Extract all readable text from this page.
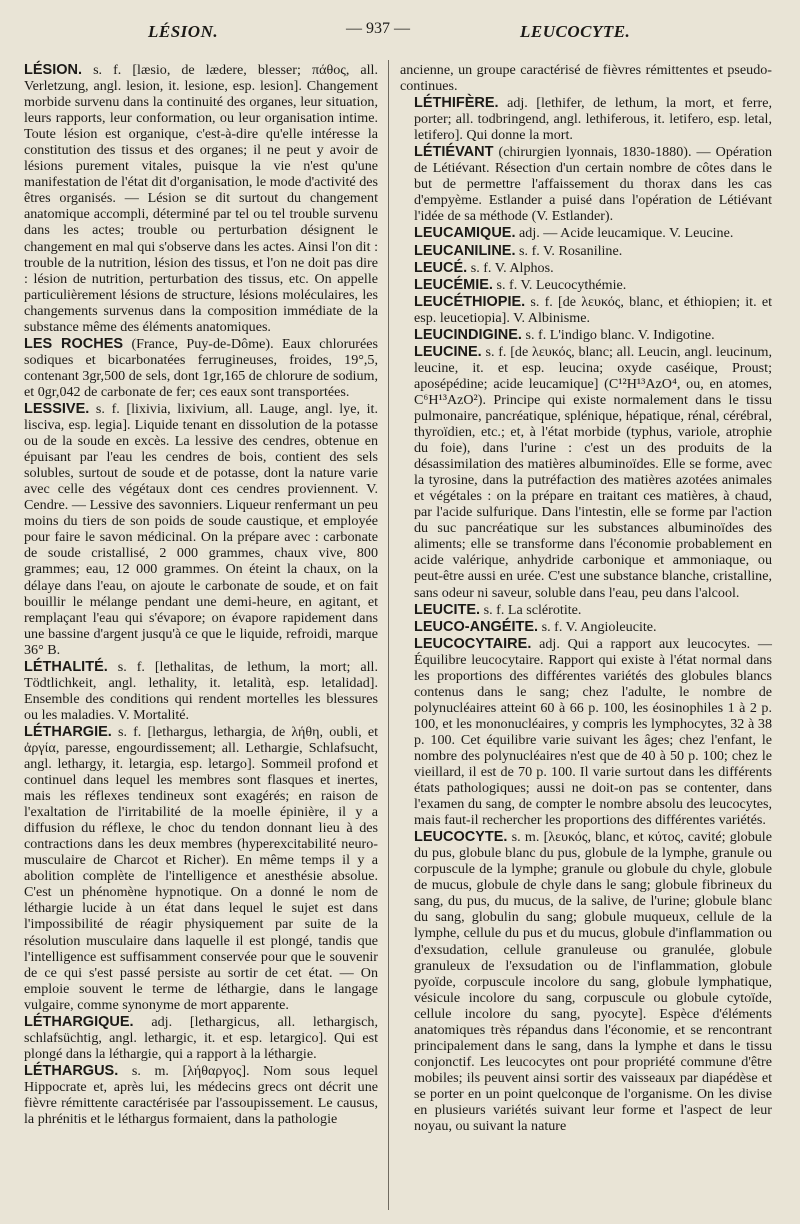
LÉSION.	— 937 —	LEUCOCYTE.
LÉSION. s. f. [læsio, de lædere, blesser; πάθος, all. Verletzung, angl. lesion, it. lesione, esp. lesion]. Changement morbide survenu dans la continuité des organes, leur situation, leurs rapports, leur conformation, ou leur organisation intime. Toute lésion est organique, c'est-à-dire qu'elle intéresse la constitution des tissus et des organes; il ne peut y avoir de lésions purement vitales, puisque la vie n'est qu'une manifestation de l'état dit d'organisation, le mode d'activité des êtres organisés. — Lésion se dit surtout du changement anatomique accompli, déterminé par tel ou tel trouble survenu dans les actes; trouble ou perturbation désignent le changement en mal qui s'observe dans les actes. Ainsi l'on dit : trouble de la nutrition, lésion des tissus, et l'on ne doit pas dire : lésion de nutrition, perturbation des tissus, etc. On appelle particulièrement lésions de structure, lésions moléculaires, les changements survenus dans la composition immédiate de la substance même des éléments anatomiques.
LES ROCHES (France, Puy-de-Dôme). Eaux chlorurées sodiques et bicarbonatées ferrugineuses, froides, 19°,5, contenant 3gr,500 de sels, dont 1gr,165 de chlorure de sodium, et 0gr,042 de carbonate de fer; ces eaux sont transportées.
LESSIVE. s. f. [lixivia, lixivium, all. Lauge, angl. lye, it. lisciva, esp. legia]. Liquide tenant en dissolution de la potasse ou de la soude en excès. La lessive des cendres, obtenue en épuisant par l'eau les cendres de bois, contient des sels solubles, surtout de soude et de potasse, dont la nature varie avec celle des végétaux dont ces cendres proviennent. V. Cendre. — Lessive des savonniers. Liqueur renfermant un peu moins du tiers de son poids de soude caustique, et employée pour faire le savon médicinal. On la prépare avec : carbonate de soude cristallisé, 2 000 grammes, chaux vive, 800 grammes; eau, 12 000 grammes. On éteint la chaux, on la délaye dans l'eau, on ajoute le carbonate de soude, et on fait bouillir le mélange pendant une demi-heure, en agitant, et remplaçant l'eau qui s'évapore; on évapore rapidement dans une bassine d'argent jusqu'à ce que le liquide, refroidi, marque 36° B.
LÉTHALITÉ. s. f. [lethalitas, de lethum, la mort; all. Tödtlichkeit, angl. lethality, it. letalità, esp. letalidad]. Ensemble des conditions qui rendent mortelles les blessures ou les maladies. V. Mortalité.
LÉTHARGIE. s. f. [lethargus, lethargia, de λήθη, oubli, et ἀργία, paresse, engourdissement; all. Lethargie, Schlafsucht, angl. lethargy, it. letargia, esp. letargo]. Sommeil profond et continuel dans lequel les membres sont flasques et inertes, mais les réflexes tendineux sont exagérés; en raison de l'exaltation de l'irritabilité de la moelle épinière, il y a diffusion du réflexe, le choc du tendon donnant lieu à des contractions dans les deux membres (hyperexcitabilité neuro-musculaire de Charcot et Richer). En même temps il y a abolition complète de l'intelligence et anesthésie absolue. C'est un phénomène hypnotique. On a donné le nom de léthargie lucide à un état dans lequel le sujet est dans l'impossibilité de réagir physiquement par suite de la résolution musculaire dans laquelle il est plongé, tandis que l'intelligence est suffisamment conservée pour que le souvenir de ce qui s'est passé persiste au sortir de cet état. — On emploie souvent le terme de léthargie, dans le langage vulgaire, comme synonyme de mort apparente.
LÉTHARGIQUE. adj. [lethargicus, all. lethargisch, schlafsüchtig, angl. lethargic, it. et esp. letargico]. Qui est plongé dans la léthargie, qui a rapport à la léthargie.
LÉTHARGUS. s. m. [λήθαργος]. Nom sous lequel Hippocrate et, après lui, les médecins grecs ont décrit une fièvre rémittente caractérisée par l'assoupissement. Le causus, la phrénitis et le léthargus formaient, dans la pathologie
ancienne, un groupe caractérisé de fièvres rémittentes et pseudo-continues.
LÉTHIFÈRE. adj. [lethifer, de lethum, la mort, et ferre, porter; all. todbringend, angl. lethiferous, it. letifero, esp. letal, letifero]. Qui donne la mort.
LÉTIÉVANT (chirurgien lyonnais, 1830-1880). — Opération de Létiévant. Résection d'un certain nombre de côtes dans le but de permettre l'affaissement du thorax dans les cas d'empyème. Estlander a puisé dans l'opération de Létiévant l'idée de sa méthode (V. Estlander).
LEUCAMIQUE. adj. — Acide leucamique. V. Leucine.
LEUCANILINE. s. f. V. Rosaniline.
LEUCÉ. s. f. V. Alphos.
LEUCÉMIE. s. f. V. Leucocythémie.
LEUCÉTHIOPIE. s. f. [de λευκός, blanc, et éthiopien; it. et esp. leucetiopia]. V. Albinisme.
LEUCINDIGINE. s. f. L'indigo blanc. V. Indigotine.
LEUCINE. s. f. [de λευκός, blanc; all. Leucin, angl. leucinum, leucine, it. et esp. leucina; oxyde caséique, Proust; aposépédine; acide leucamique] (C¹²H¹³AzO⁴, ou, en atomes, C⁶H¹³AzO²). Principe qui existe normalement dans le tissu pulmonaire, pancréatique, splénique, hépatique, rénal, cérébral, thyroïdien, etc.; et, à l'état morbide (typhus, variole, atrophie du foie), dans l'urine : c'est un des produits de la désassimilation des matières albuminoïdes. Elle se forme, avec la tyrosine, dans la putréfaction des matières azotées animales et végétales : on la prépare en traitant ces matières, à chaud, par l'acide sulfurique. Dans l'intestin, elle se forme par l'action du suc pancréatique sur les substances albuminoïdes des aliments; elle se transforme dans l'économie probablement en acide valérique, anhydride carbonique et ammoniaque, ou peut-être aussi en urée. C'est une substance blanche, cristalline, sans odeur ni saveur, soluble dans l'eau, peu dans l'alcool.
LEUCITE. s. f. La sclérotite.
LEUCO-ANGÉITE. s. f. V. Angioleucite.
LEUCOCYTAIRE. adj. Qui a rapport aux leucocytes. — Équilibre leucocytaire. Rapport qui existe à l'état normal dans les proportions des différentes variétés des globules blancs contenus dans le sang; chez l'adulte, le nombre de polynucléaires atteint 60 à 66 p. 100, les éosinophiles 1 à 2 p. 100, et les mononucléaires, y compris les lymphocytes, 32 à 38 p. 100. Cet équilibre varie suivant les âges; chez l'enfant, le nombre des polynucléaires n'est que de 40 à 50 p. 100; chez le vieillard, il est de 70 p. 100. Il varie surtout dans les différents états pathologiques; aussi ne doit-on pas se contenter, dans l'examen du sang, de compter le nombre absolu des leucocytes, mais faut-il rechercher les proportions des différentes variétés.
LEUCOCYTE. s. m. [λευκός, blanc, et κύτος, cavité; globule du pus, globule blanc du pus, globule de la lymphe, granule ou corpuscule de la lymphe; granule ou globule du chyle, globule de mucus, globule de chyle dans le sang; globule fibrineux du sang, du pus, du mucus, de la salive, de l'urine; globule blanc du sang, globulin du sang; globule muqueux, cellule de la lymphe, cellule du pus et du mucus, globule d'inflammation ou d'exsudation, cellule granuleuse ou granulée, globule granuleux de l'exsudation ou de l'inflammation, globule pyoïde, corpuscule incolore du sang, globule lymphatique, vésicule incolore du sang, corpuscule ou globule cytoïde, cellule incolore du sang, pyocyte]. Espèce d'éléments anatomiques très répandus dans l'économie, et se rencontrant principalement dans le sang, dans la lymphe et dans le tissu conjonctif. Les leucocytes ont pour propriété commune d'être mobiles; ils peuvent ainsi sortir des vaisseaux par diapédèse et se porter en un point quelconque de l'organisme. On les divise en plusieurs variétés suivant leur forme et l'aspect de leur noyau, ou suivant la nature
